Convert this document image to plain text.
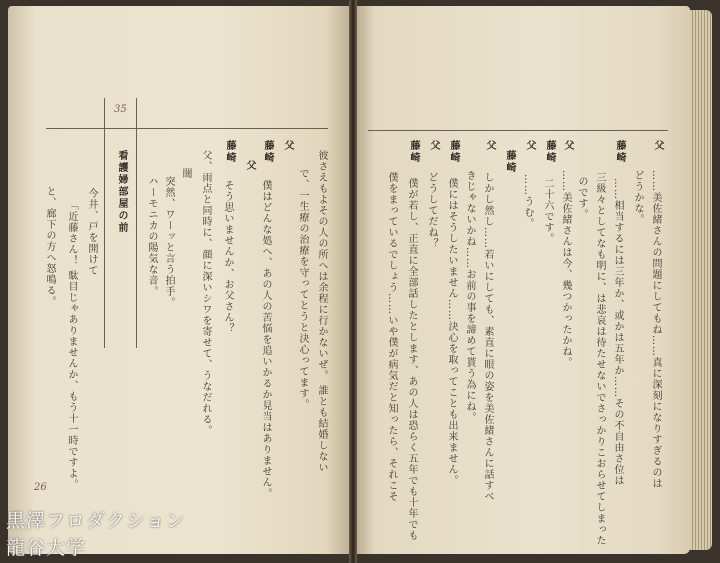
35
26
看護婦部屋の前	彼さえもよその人の所へは余程に行かないぜ。 誰とも結婚しない
で、一生療の治療を守ってとうと決心ってます。
父
藤崎
僕はどんな処へ、あの人の苦悩を追いかるか見当はありません。
父
藤崎
そう思いませんか、お父さん？
父、雨点と同時に、顔に深いシワを寄せて、うなだれる。
闇
突然、ワーッと言う拍手。
ハーモニカの陽気な音。
今井、戸を開けて
「近藤さん！ 駄目じゃありませんか、もう十一時ですよ。
と、廊下の方へ怒鳴る。
父
……美佐緒さんの問題にしてもね……真に深刻になりすぎるのは
どうかな。
藤崎
……相当するには三年か、或かは五年か……その不自由さ位は
三級々としてなも明に、は悲哀は待たせないでさっかりこおらせてしまった
のです。
父
……美佐緒さんは今、幾つかったかね。
藤崎
二十六です。
父
……うむ。
藤崎
父
しかし然し……若いにしても、素直に眼の姿を美佐緒さんに話すべ
きじゃないかね……お前の事を諦めて貰う為にね。
藤崎
僕にはそうしたいません……決心を取ってことも出来ません。
父
どうしてだね？
藤崎
僕が若し、正直に全部話したとします、あの人は恐らく五年でも十年でも
僕をまっているでしょう……いや僕が病気だと知ったら、それこそ
黒澤フロダクション
龍谷大学
